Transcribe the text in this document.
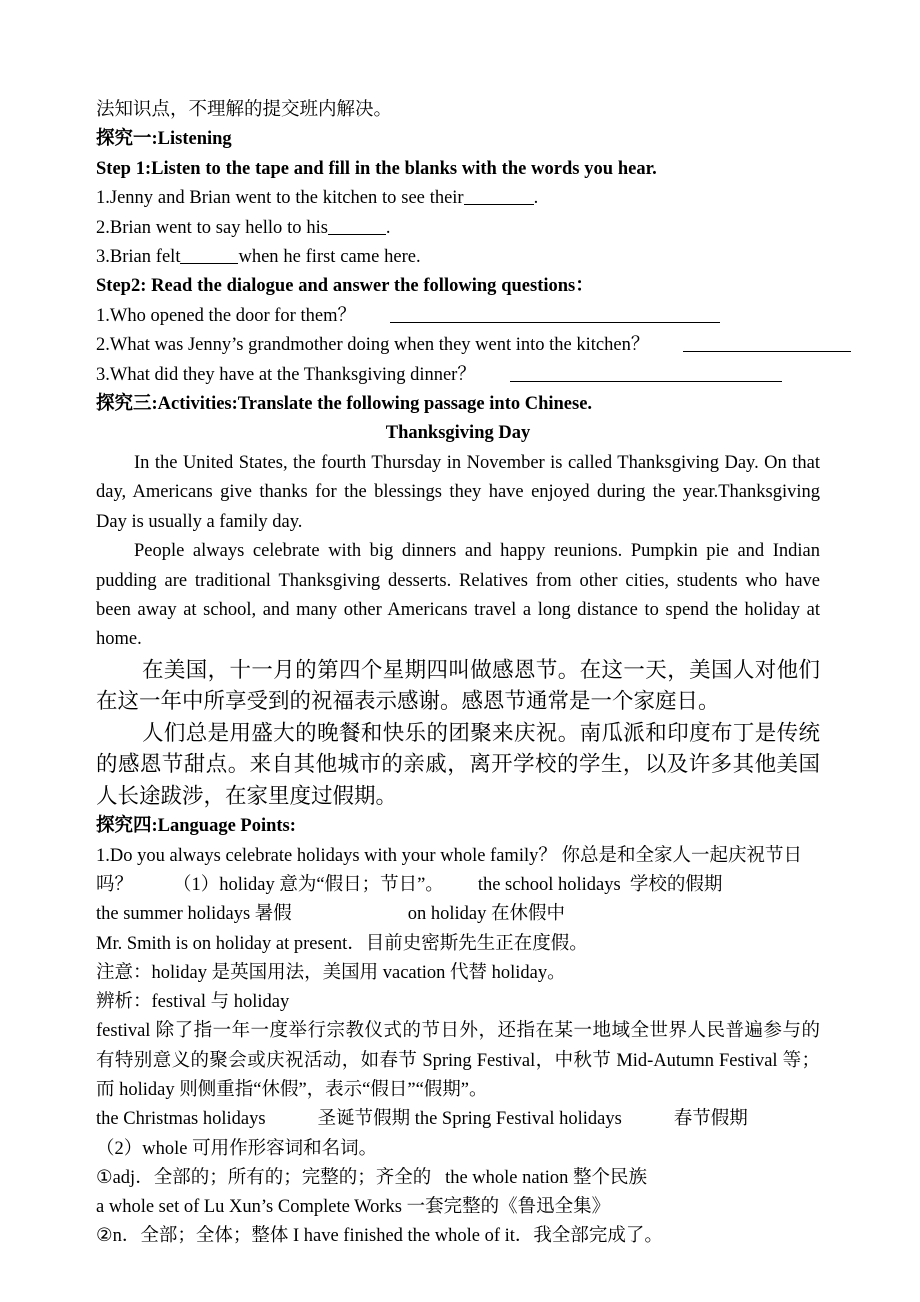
法知识点，不理解的提交班内解决。
探究一:Listening
Step 1:Listen to the tape and fill in the blanks with the words you hear.
1.Jenny and Brian went to the kitchen to see their	.
2.Brian went to say hello to his	.
3.Brian felt	when he first came here.
Step2: Read the dialogue and answer the following questions：
1.Who opened the door for them？
2.What was Jenny’s grandmother doing when they went into the kitchen？
3.What did they have at the Thanksgiving dinner？
探究三:Activities:Translate the following passage into Chinese.
Thanksgiving Day

In the United States, the fourth Thursday in November is called Thanksgiving Day. On that day, Americans give thanks for the blessings they have enjoyed during the year.Thanksgiving Day is usually a family day.

People always celebrate with big dinners and happy reunions. Pumpkin pie and Indian pudding are traditional Thanksgiving desserts. Relatives from other cities, students who have been away at school, and many other Americans travel a long distance to spend the holiday at home.

在美国，十一月的第四个星期四叫做感恩节。在这一天，美国人对他们在这一年中所享受到的祝福表示感谢。感恩节通常是一个家庭日。

人们总是用盛大的晚餐和快乐的团聚来庆祝。南瓜派和印度布丁是传统的感恩节甜点。来自其他城市的亲戚，离开学校的学生，以及许多其他美国人长途跋涉，在家里度过假期。

探究四:Language Points:
1.Do you always celebrate holidays with your whole family？ 你总是和全家人一起庆祝节日
吗？ （1）holiday 意为“假日；节日”。 the school holidays  学校的假期
the summer holidays 暑假	on holiday 在休假中
Mr. Smith is on holiday at present．目前史密斯先生正在度假。
注意：holiday 是英国用法，美国用 vacation 代替 holiday。
辨析：festival 与 holiday
festival 除了指一年一度举行宗教仪式的节日外，还指在某一地域全世界人民普遍参与的有特别意义的聚会或庆祝活动，如春节 Spring Festival，中秋节 Mid-Autumn Festival 等；而 holiday 则侧重指“休假”，表示“假日”“假期”。
the Christmas holidays	圣诞节假期 the Spring Festival holidays	春节假期
（2）whole 可用作形容词和名词。
①adj．全部的；所有的；完整的；齐全的   the whole nation 整个民族
a whole set of Lu Xun’s Complete Works 一套完整的《鲁迅全集》
②n．全部；全体；整体 I have finished the whole of it．我全部完成了。
